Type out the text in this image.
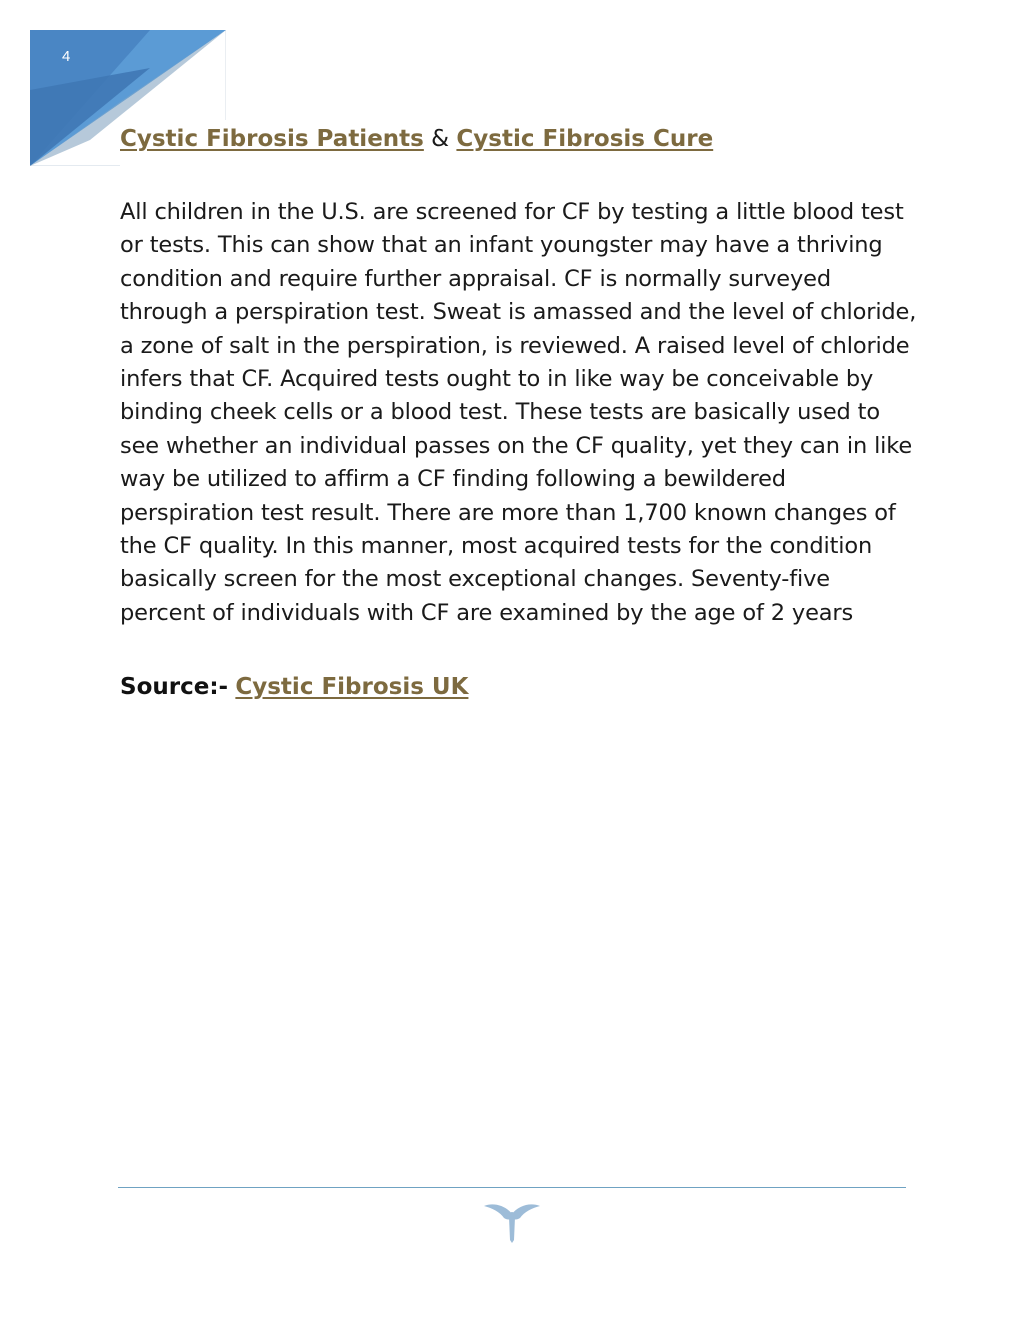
4

Cystic Fibrosis Patients & Cystic Fibrosis Cure

All children in the U.S. are screened for CF by testing a little blood test
or tests. This can show that an infant youngster may have a thriving
condition and require further appraisal. CF is normally surveyed
through a perspiration test. Sweat is amassed and the level of chloride,
a zone of salt in the perspiration, is reviewed. A raised level of chloride
infers that CF. Acquired tests ought to in like way be conceivable by
binding cheek cells or a blood test. These tests are basically used to
see whether an individual passes on the CF quality, yet they can in like
way be utilized to affirm a CF finding following a bewildered
perspiration test result. There are more than 1,700 known changes of
the CF quality. In this manner, most acquired tests for the condition
basically screen for the most exceptional changes. Seventy-five
percent of individuals with CF are examined by the age of 2 years

Source:- Cystic Fibrosis UK
